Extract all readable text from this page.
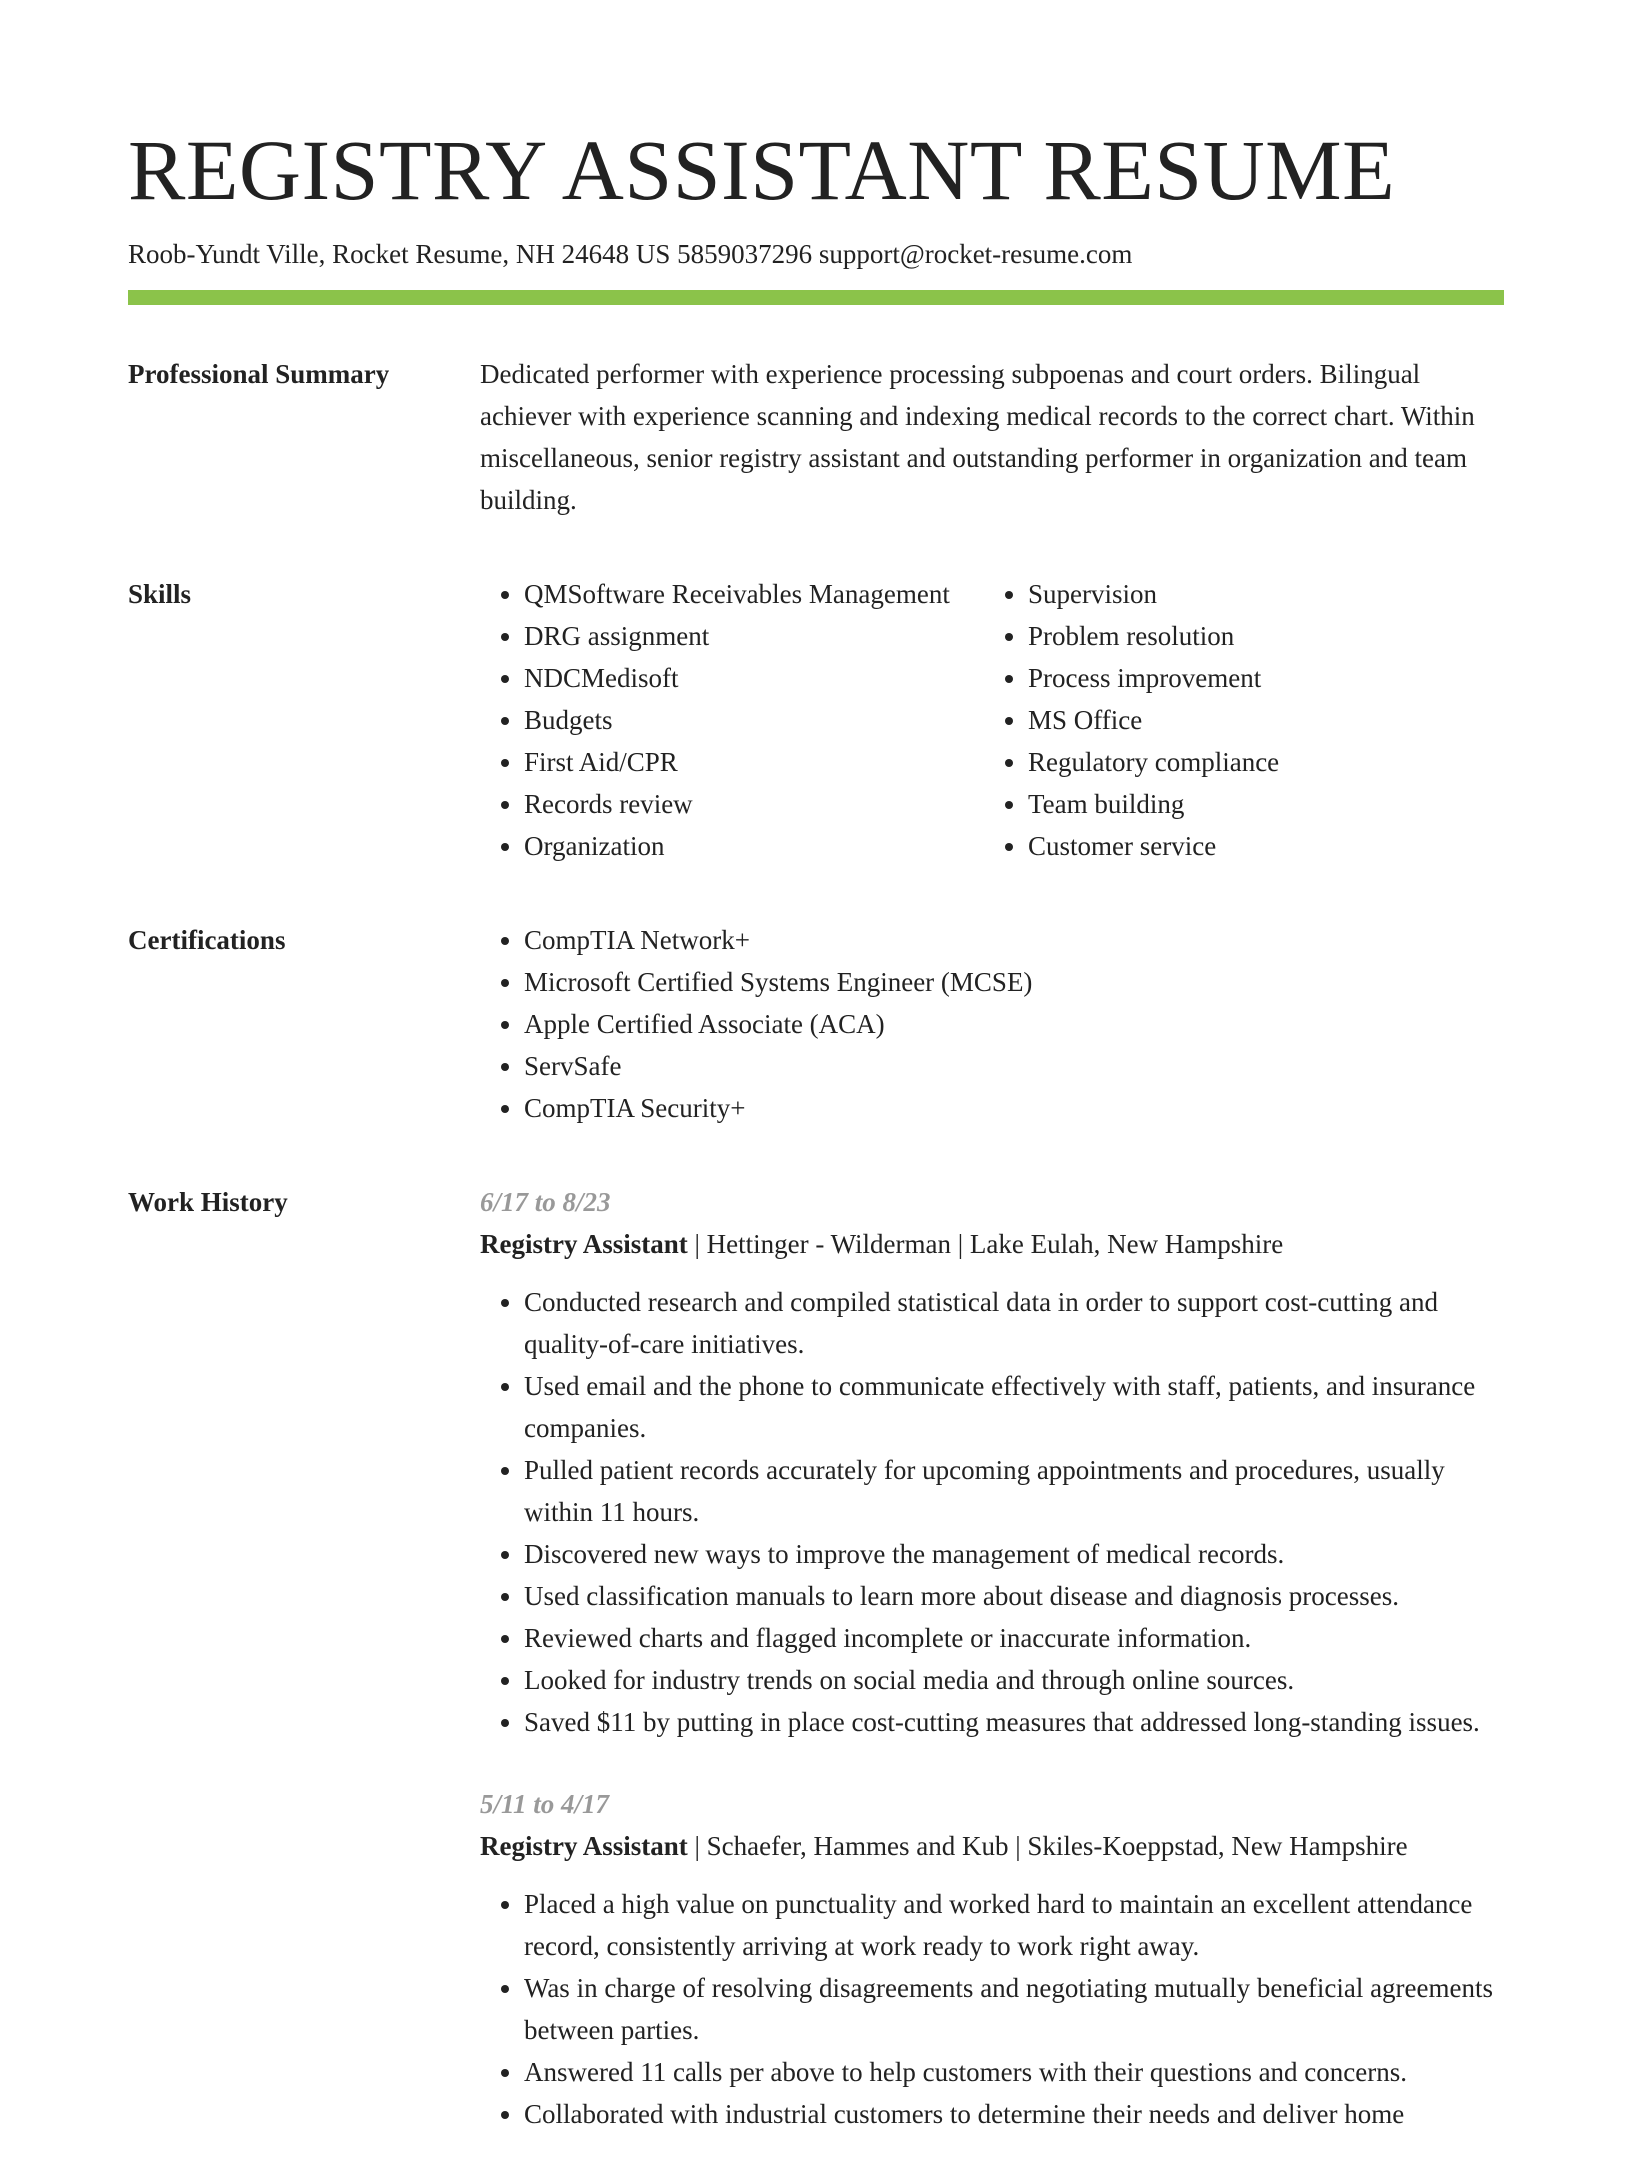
REGISTRY ASSISTANT RESUME
Roob-Yundt Ville, Rocket Resume, NH 24648 US 5859037296 support@rocket-resume.com
Professional Summary	Dedicated performer with experience processing subpoenas and court orders. Bilingual achiever with experience scanning and indexing medical records to the correct chart. Within miscellaneous, senior registry assistant and outstanding performer in organization and team building.

Skills	• QMSoftware Receivables Management
• DRG assignment
• NDCMedisoft
• Budgets
• First Aid/CPR
• Records review
• Organization
• Supervision
• Problem resolution
• Process improvement
• MS Office
• Regulatory compliance
• Team building
• Customer service
Certifications	• CompTIA Network+
• Microsoft Certified Systems Engineer (MCSE)
• Apple Certified Associate (ACA)
• ServSafe
• CompTIA Security+
Work History	6/17 to 8/23
Registry Assistant | Hettinger - Wilderman | Lake Eulah, New Hampshire
• Conducted research and compiled statistical data in order to support cost-cutting and quality-of-care initiatives.
• Used email and the phone to communicate effectively with staff, patients, and insurance companies.
• Pulled patient records accurately for upcoming appointments and procedures, usually within 11 hours.
• Discovered new ways to improve the management of medical records.
• Used classification manuals to learn more about disease and diagnosis processes.
• Reviewed charts and flagged incomplete or inaccurate information.
• Looked for industry trends on social media and through online sources.
• Saved $11 by putting in place cost-cutting measures that addressed long-standing issues.
5/11 to 4/17
Registry Assistant | Schaefer, Hammes and Kub | Skiles-Koeppstad, New Hampshire
• Placed a high value on punctuality and worked hard to maintain an excellent attendance record, consistently arriving at work ready to work right away.
• Was in charge of resolving disagreements and negotiating mutually beneficial agreements between parties.
• Answered 11 calls per above to help customers with their questions and concerns.
• Collaborated with industrial customers to determine their needs and deliver home
